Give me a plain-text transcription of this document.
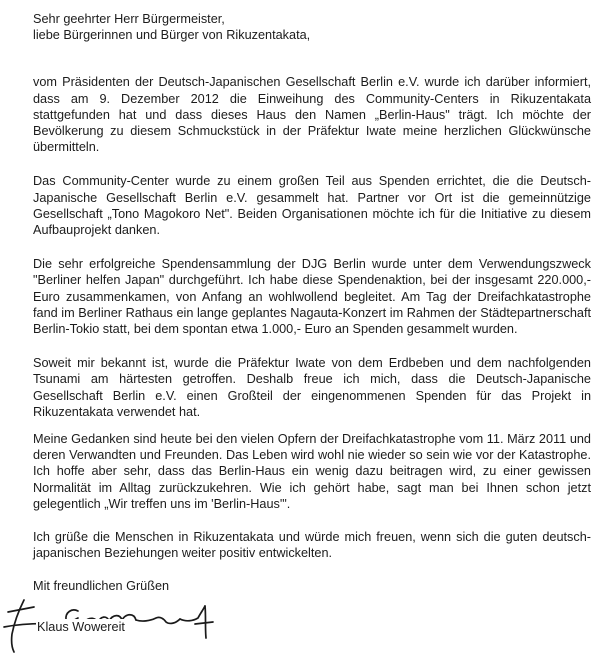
Sehr geehrter Herr Bürgermeister,
liebe Bürgerinnen und Bürger von Rikuzentakata,

vom Präsidenten der Deutsch-Japanischen Gesellschaft Berlin e.V. wurde ich darüber informiert, dass am 9. Dezember 2012 die Einweihung des Community-Centers in Rikuzentakata stattgefunden hat und dass dieses Haus den Namen „Berlin-Haus" trägt. Ich möchte der Bevölkerung zu diesem Schmuckstück in der Präfektur Iwate meine herzlichen Glückwünsche übermitteln.

Das Community-Center wurde zu einem großen Teil aus Spenden errichtet, die die Deutsch-Japanische Gesellschaft Berlin e.V. gesammelt hat. Partner vor Ort ist die gemeinnützige Gesellschaft „Tono Magokoro Net". Beiden Organisationen möchte ich für die Initiative zu diesem Aufbauprojekt danken.

Die sehr erfolgreiche Spendensammlung der DJG Berlin wurde unter dem Verwendungszweck "Berliner helfen Japan" durchgeführt. Ich habe diese Spendenaktion, bei der insgesamt 220.000,- Euro zusammenkamen, von Anfang an wohlwollend begleitet. Am Tag der Dreifachkatastrophe fand im Berliner Rathaus ein lange geplantes Nagauta-Konzert im Rahmen der Städtepartnerschaft Berlin-Tokio statt, bei dem spontan etwa 1.000,- Euro an Spenden gesammelt wurden.

Soweit mir bekannt ist, wurde die Präfektur Iwate von dem Erdbeben und dem nachfolgenden Tsunami am härtesten getroffen. Deshalb freue ich mich, dass die Deutsch-Japanische Gesellschaft Berlin e.V. einen Großteil der eingenommenen Spenden für das Projekt in Rikuzentakata verwendet hat.

Meine Gedanken sind heute bei den vielen Opfern der Dreifachkatastrophe vom 11. März 2011 und deren Verwandten und Freunden. Das Leben wird wohl nie wieder so sein wie vor der Katastrophe. Ich hoffe aber sehr, dass das Berlin-Haus ein wenig dazu beitragen wird, zu einer gewissen Normalität im Alltag zurückzukehren. Wie ich gehört habe, sagt man bei Ihnen schon jetzt gelegentlich „Wir treffen uns im 'Berlin-Haus'".

Ich grüße die Menschen in Rikuzentakata und würde mich freuen, wenn sich die guten deutsch-japanischen Beziehungen weiter positiv entwickelten.

Mit freundlichen Grüßen

Klaus Wowereit
